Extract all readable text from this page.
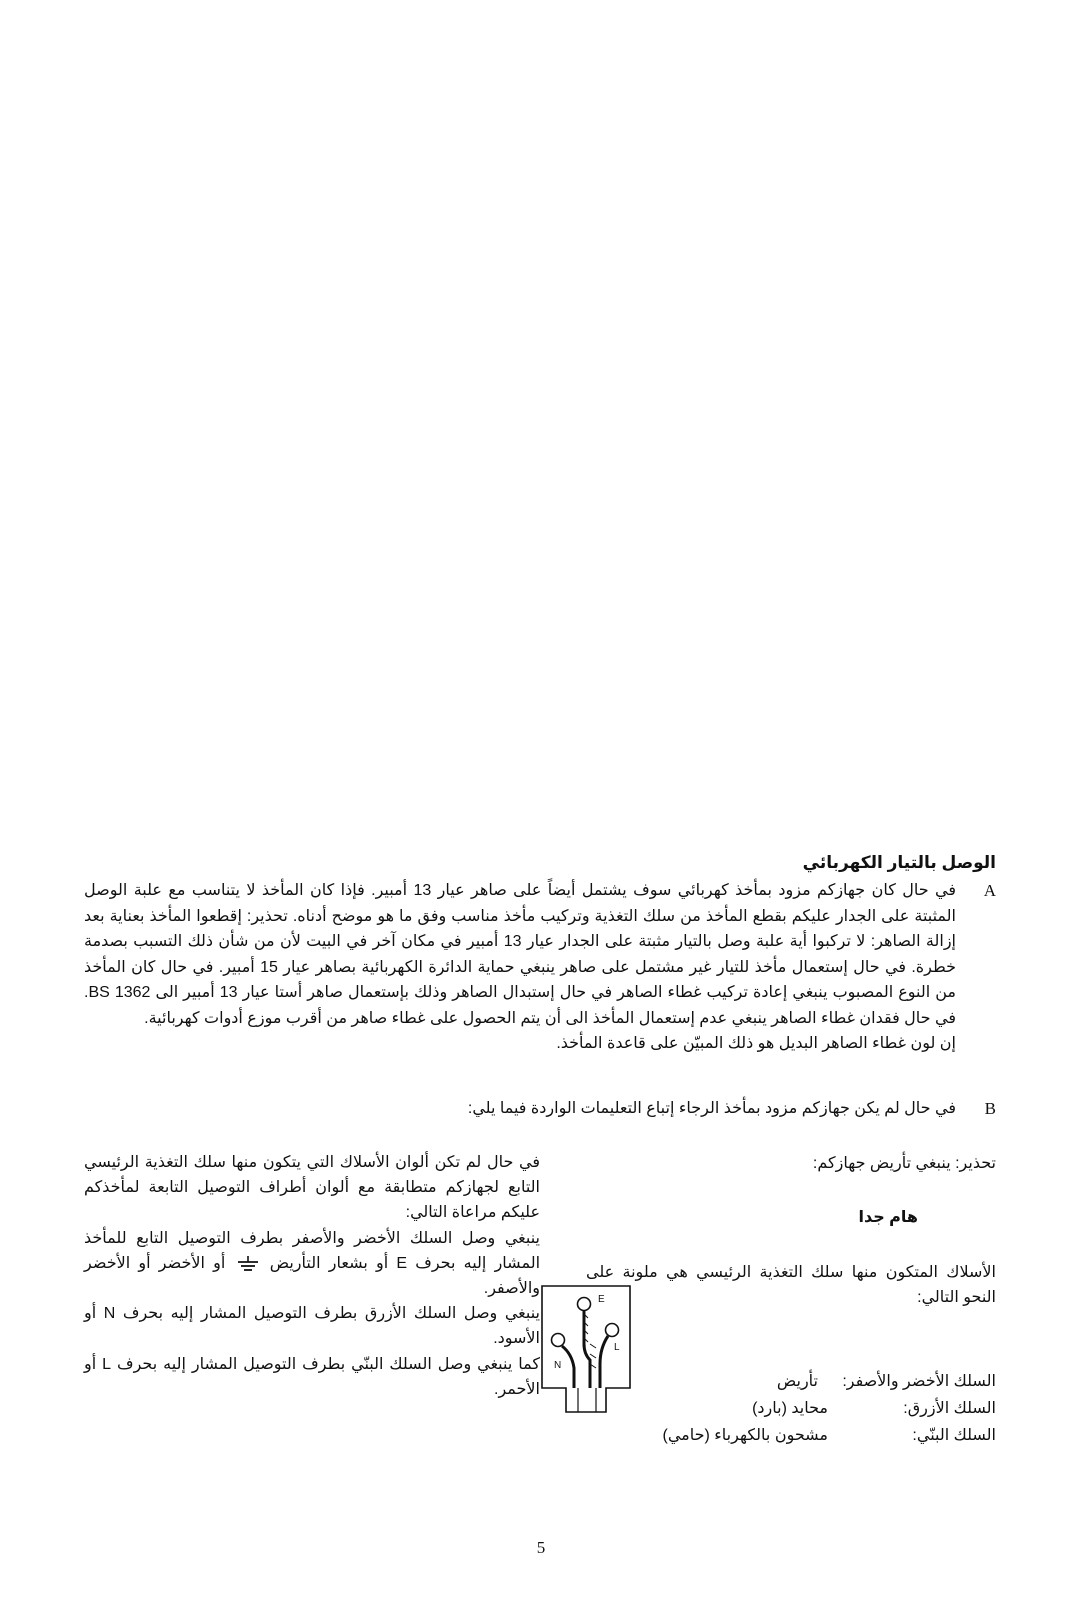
الوصل بالتيار الكهربائي
A

في حال كان جهازكم مزود بمأخذ كهربائي سوف يشتمل أيضاً على صاهر عيار 13 أمبير. فإذا كان المأخذ لا يتناسب مع علبة الوصل المثبتة على الجدار عليكم بقطع المأخذ من سلك التغذية وتركيب مأخذ مناسب وفق ما هو موضح أدناه. تحذير: إقطعوا المأخذ بعناية بعد إزالة الصاهر: لا تركبوا أية علبة وصل بالتيار مثبتة على الجدار عيار 13 أمبير في مكان آخر في البيت لأن من شأن ذلك التسبب بصدمة خطرة. في حال إستعمال مأخذ للتيار غير مشتمل على صاهر ينبغي حماية الدائرة الكهربائية بصاهر عيار 15 أمبير. في حال كان المأخذ من النوع المصبوب ينبغي إعادة تركيب غطاء الصاهر في حال إستبدال الصاهر وذلك بإستعمال صاهر أستا عيار 13 أمبير الى BS 1362. في حال فقدان غطاء الصاهر ينبغي عدم إستعمال المأخذ الى أن يتم الحصول على غطاء صاهر من أقرب موزع أدوات كهربائية.

إن لون غطاء الصاهر البديل هو ذلك المبيّن على قاعدة المأخذ.

B

في حال لم يكن جهازكم مزود بمأخذ الرجاء إتباع التعليمات الواردة فيما يلي:

تحذير: ينبغي تأريض جهازكم:
هام جدا
الأسلاك المتكون منها سلك التغذية الرئيسي هي ملونة على النحو التالي:
السلك الأخضر والأصفر:
تأريض
السلك الأزرق:
محايد (بارد)
السلك البنّي:
مشحون بالكهرباء (حامي)
E
N
L

في حال لم تكن ألوان الأسلاك التي يتكون منها سلك التغذية الرئيسي التابع لجهازكم متطابقة مع ألوان أطراف التوصيل التابعة لمأخذكم عليكم مراعاة التالي:

ينبغي وصل السلك الأخضر والأصفر بطرف التوصيل التابع للمأخذ المشار إليه بحرف E أو بشعار التأريض  أو الأخضر أو الأخضر والأصفر.

ينبغي وصل السلك الأزرق بطرف التوصيل المشار إليه بحرف N أو الأسود.

كما ينبغي وصل السلك البنّي بطرف التوصيل المشار إليه بحرف L أو الأحمر.

5
